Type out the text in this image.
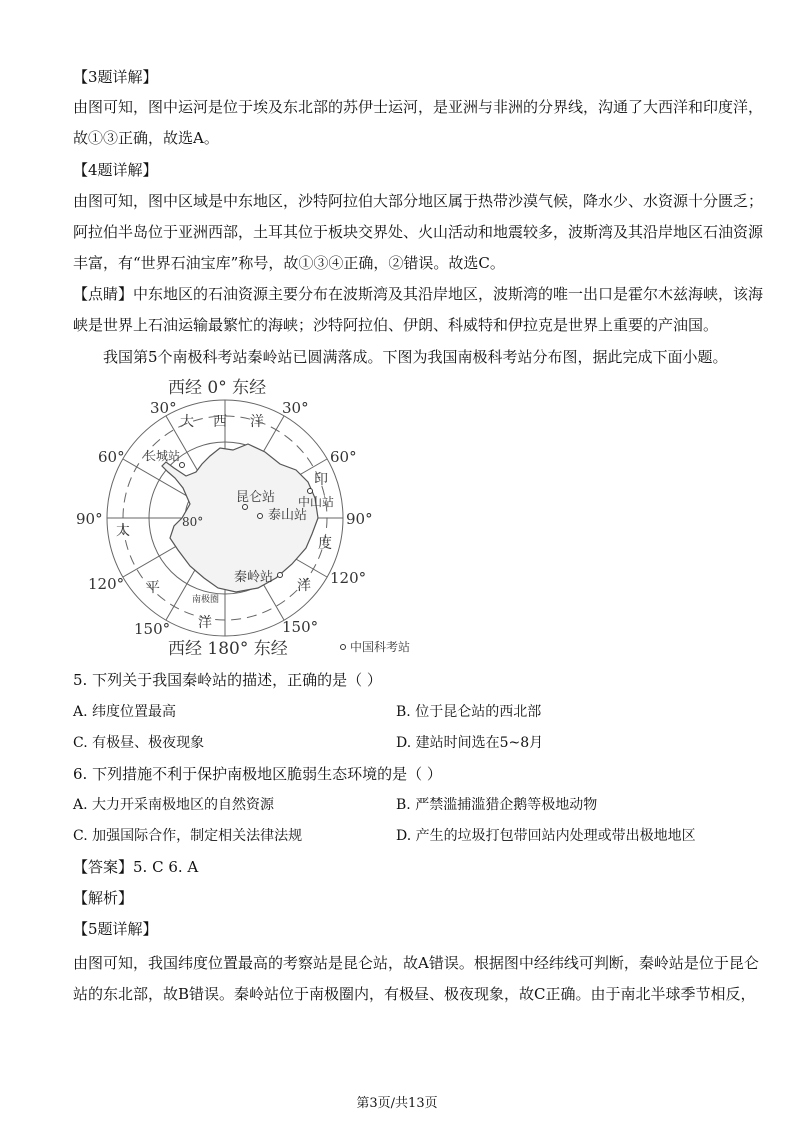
【3题详解】
由图可知，图中运河是位于埃及东北部的苏伊士运河，是亚洲与非洲的分界线，沟通了大西洋和印度洋，
故①③正确，故选A。
【4题详解】
由图可知，图中区域是中东地区，沙特阿拉伯大部分地区属于热带沙漠气候，降水少、水资源十分匮乏；
阿拉伯半岛位于亚洲西部，土耳其位于板块交界处、火山活动和地震较多，波斯湾及其沿岸地区石油资源
丰富，有“世界石油宝库”称号，故①③④正确，②错误。故选C。
【点睛】中东地区的石油资源主要分布在波斯湾及其沿岸地区，波斯湾的唯一出口是霍尔木兹海峡，该海
峡是世界上石油运输最繁忙的海峡；沙特阿拉伯、伊朗、科威特和伊拉克是世界上重要的产油国。
我国第5个南极科考站秦岭站已圆满落成。下图为我国南极科考站分布图，据此完成下面小题。
西经 0° 东经
30°	30°
60°	60°
90°	90°
120°	120°
150°	150°
西经 180° 东经
大 西 洋
印
度
洋
太
平
洋
80°
长城站
昆仑站 中山站
泰山站
秦岭站
南极圈
中国科考站
5. 下列关于我国秦岭站的描述，正确的是（ ）
A. 纬度位置最高	B. 位于昆仑站的西北部
C. 有极昼、极夜现象	D. 建站时间选在5~8月
6. 下列措施不利于保护南极地区脆弱生态环境的是（ ）
A. 大力开采南极地区的自然资源	B. 严禁滥捕滥猎企鹅等极地动物
C. 加强国际合作，制定相关法律法规	D. 产生的垃圾打包带回站内处理或带出极地地区
【答案】5. C 6. A
【解析】
【5题详解】
由图可知，我国纬度位置最高的考察站是昆仑站，故A错误。根据图中经纬线可判断，秦岭站是位于昆仑
站的东北部，故B错误。秦岭站位于南极圈内，有极昼、极夜现象，故C正确。由于南北半球季节相反，
第3页/共13页
